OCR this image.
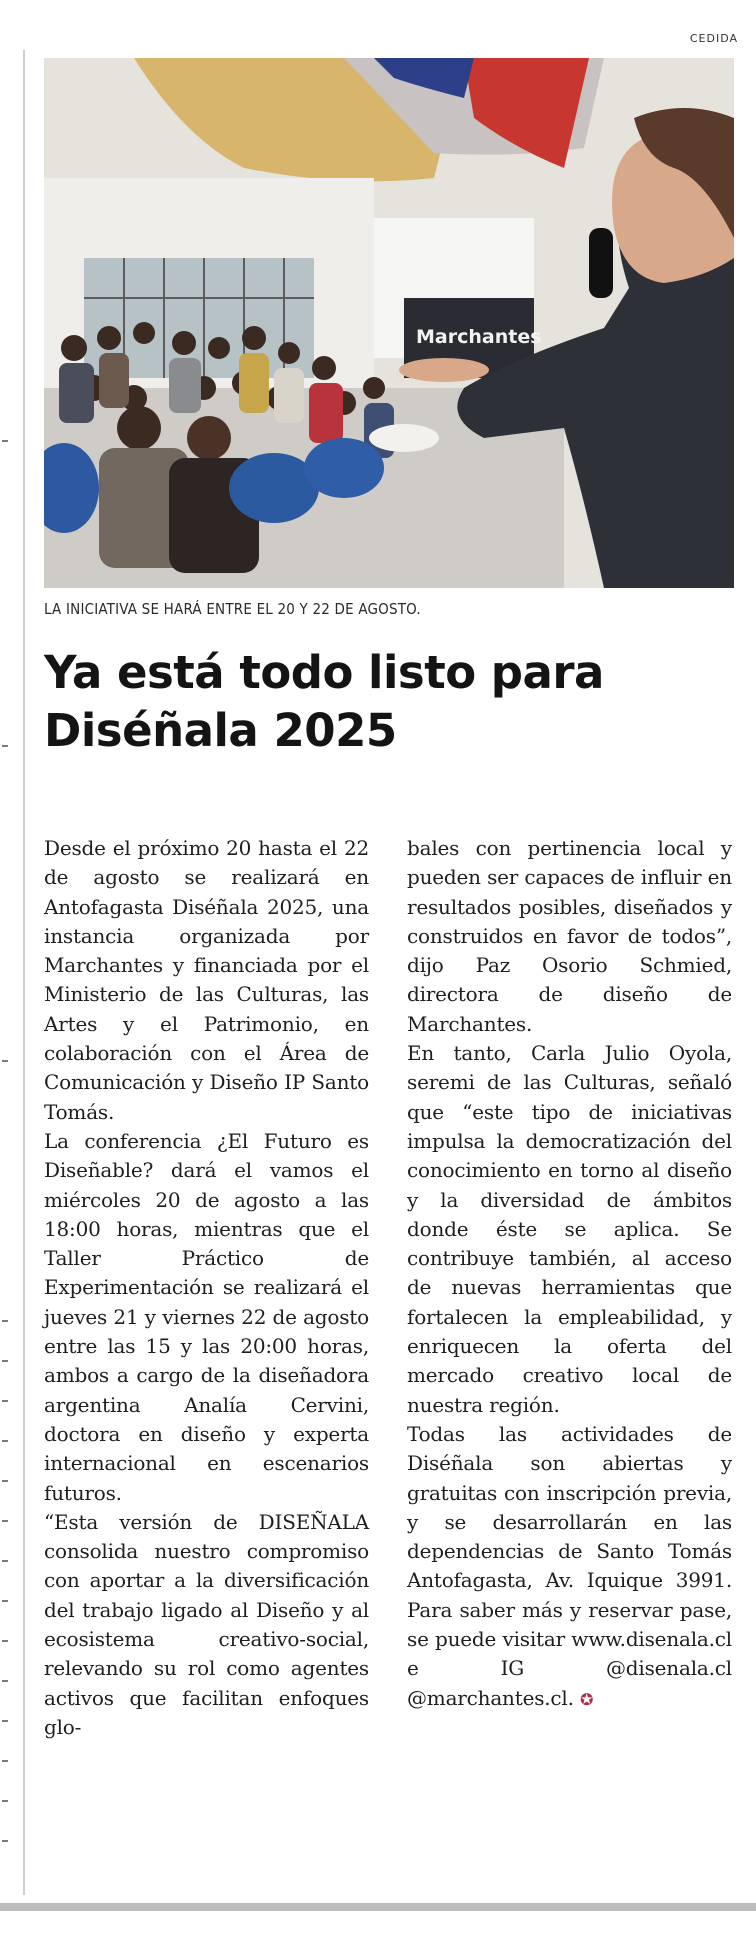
CEDIDA
Marchantes
LA INICIATIVA SE HARÁ ENTRE EL 20 Y 22 DE AGOSTO.
Ya está todo listo para
Diséñala 2025

Desde el próximo 20 hasta el 22 de agosto se realizará en Antofagasta Diséñala 2025, una instancia organizada por Marchantes y financiada por el Ministerio de las Culturas, las Artes y el Patrimonio, en colaboración con el Área de Comunicación y Diseño IP Santo Tomás.

La conferencia ¿El Futuro es Diseñable? dará el vamos el miércoles 20 de agosto a las 18:00 horas, mientras que el Taller Práctico de Experimentación se realizará el jueves 21 y viernes 22 de agosto entre las 15 y las 20:00 horas, ambos a cargo de la diseñadora argentina Analía Cervini, doctora en diseño y experta internacional en escenarios futuros.

“Esta versión de DISEÑALA consolida nuestro compromiso con aportar a la diversificación del trabajo ligado al Diseño y al ecosistema creativo-social, relevando su rol como agentes activos que facilitan enfoques glo-

bales con pertinencia local y pueden ser capaces de influir en resultados posibles, diseñados y construidos en favor de todos”, dijo Paz Osorio Schmied, directora de diseño de Marchantes.

En tanto, Carla Julio Oyola, seremi de las Culturas, señaló que “este tipo de iniciativas impulsa la democratización del conocimiento en torno al diseño y la diversidad de ámbitos donde éste se aplica. Se contribuye también, al acceso de nuevas herramientas que fortalecen la empleabilidad, y enriquecen la oferta del mercado creativo local de nuestra región.

Todas las actividades de Diséñala son abiertas y gratuitas con inscripción previa, y se desarrollarán en las dependencias de Santo Tomás Antofagasta, Av. Iquique 3991. Para saber más y reservar pase, se puede visitar www.disenala.cl e IG @disenala.cl @marchantes.cl. ✪
